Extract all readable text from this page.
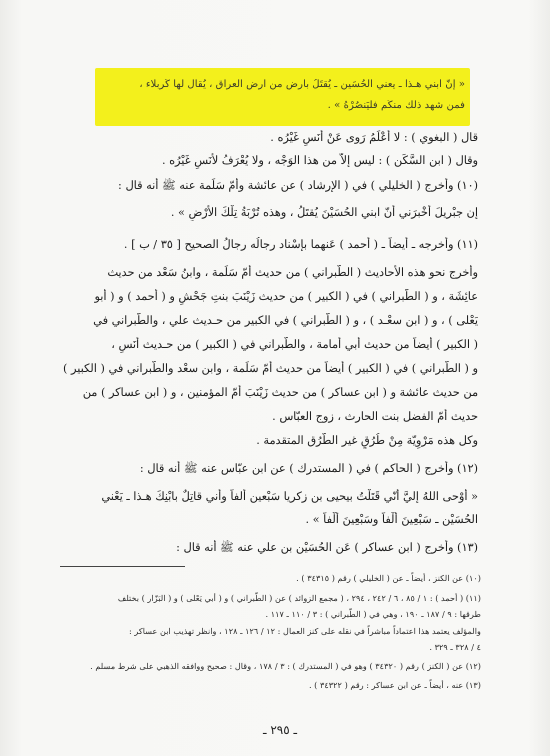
« إنَّ ابني هـذا ـ يعني الحُسَين ـ يُقتَلُ بأرضٍ من أرض العراق ، يُقال لها كَربلاء ،
فمن شهد ذلك منكُم فليَنصُرْهُ » .
قال ( البغوي ) : لا أَعْلَمُ رَوى عَنْ أَنَسٍ غَيْرُه .
وقال ( ابن السَّكَن ) : ليس إلاَّ من هذا الوَجْه ، ولا يُعْرَفُ لأنَسٍ غَيْرُه .
(١٠) وأخرج ( الخليلي ) في ( الإرشاد ) عن عائشة وأمّ سَلَمة عنه ﷺ أنه قال :
إن جبْريلَ أخْبرَني أنّ ابني الحُسَيْنَ يُقتَلُ ، وهذه تُرْبَةُ تِلْكَ الأَرْضِ » .
(١١) وأخرجه ـ أيضاً ـ ( أحمد ) عَنهما بإسْناد رجالُه رجالُ الصحيح [ ٣٥ / ب ] .
وأخرج نحو هذه الأحاديث ( الطّبراني ) من حديث أمّ سَلَمة ، وابنُ سَعْد من حديث
عائِشَة ، و ( الطّبراني ) في ( الكبير ) من حديث زَيْنَبَ بنتِ جَحْشٍ و ( أحمد ) و ( أبو
يَعْلى ) ، و ( ابن سعْـد ) ، و ( الطّبراني ) في الكبير من حـديث علي ، والطّبراني في
( الكبير ) أيضاً من حديث أبي أمامة ، والطّبراني في ( الكبير ) من حـديث أَنَسٍ ،
و ( الطّبراني ) في ( الكبير ) أيضاً من حديث أمّ سَلَمة ، وابن سعْد والطّبراني في ( الكبير )
من حديث عائشة و ( ابن عساكر ) من حديث زَيْنَبَ أمّ المؤمنين ، و ( ابن عساكر ) من
حديث أمّ الفضل بنت الحارث ، زوج العبّاس .
وكل هذه مَرْوِيّة مِنْ طُرُقٍ غير الطُّرُق المتقدمة .
(١٢) وأخرج ( الحاكم ) في ( المستدرك ) عن ابن عبّاس عنه ﷺ أنه قال :
« أَوْحى اللهُ إليَّ أنّي قَتَلْتُ بيحيى بن زكريا سَبْعين ألفاً وأني قاتِلٌ بابْنِكَ هـذا ـ يَعْني
الحُسَيْن ـ سَبْعِينَ أَلْفاً وسَبْعِينَ أَلْفاً » .
(١٣) وأخرج ( ابن عساكر ) عَن الحُسَيْن بن علي عنه ﷺ أنه قال :
(١٠) عن الكنز ، أيضاً ـ عن ( الخليلي ) رقم ( ٣٤٣١٥ ) .
(١١) ( أحمد ) : ١ / ٨٥ ، ٦ / ٢٤٢ ، ٢٩٤ ، ( مجمع الزوائد ) عن ( الطّبراني ) و ( أبي يَعْلى ) و ( البَزّار ) بختلف
طرقها : ٩ / ١٨٧ ـ ١٩٠ ، وهي في ( الطّبراني ) : ٣ / ١١٠ ـ ١١٧ .
والمؤلف يعتمد هذا اعتماداً مباشراً في نقله على كنز العمال : ١٢ / ١٢٦ ـ ١٢٨ ، وانظر تهذيب ابن عساكر :
٤ / ٣٢٨ ـ ٣٢٩ .
(١٢) عن ( الكنز ) رقم ( ٣٤٣٢٠ ) وهو في ( المستدرك ) : ٣ / ١٧٨ ، وقال : صحيح ووافقه الذهبي على شرط مسلم .
(١٣) عنه ، أيضاً ـ عن ابن عساكر : رقم ( ٣٤٣٢٢ ) .
ـ ٢٩٥ ـ
